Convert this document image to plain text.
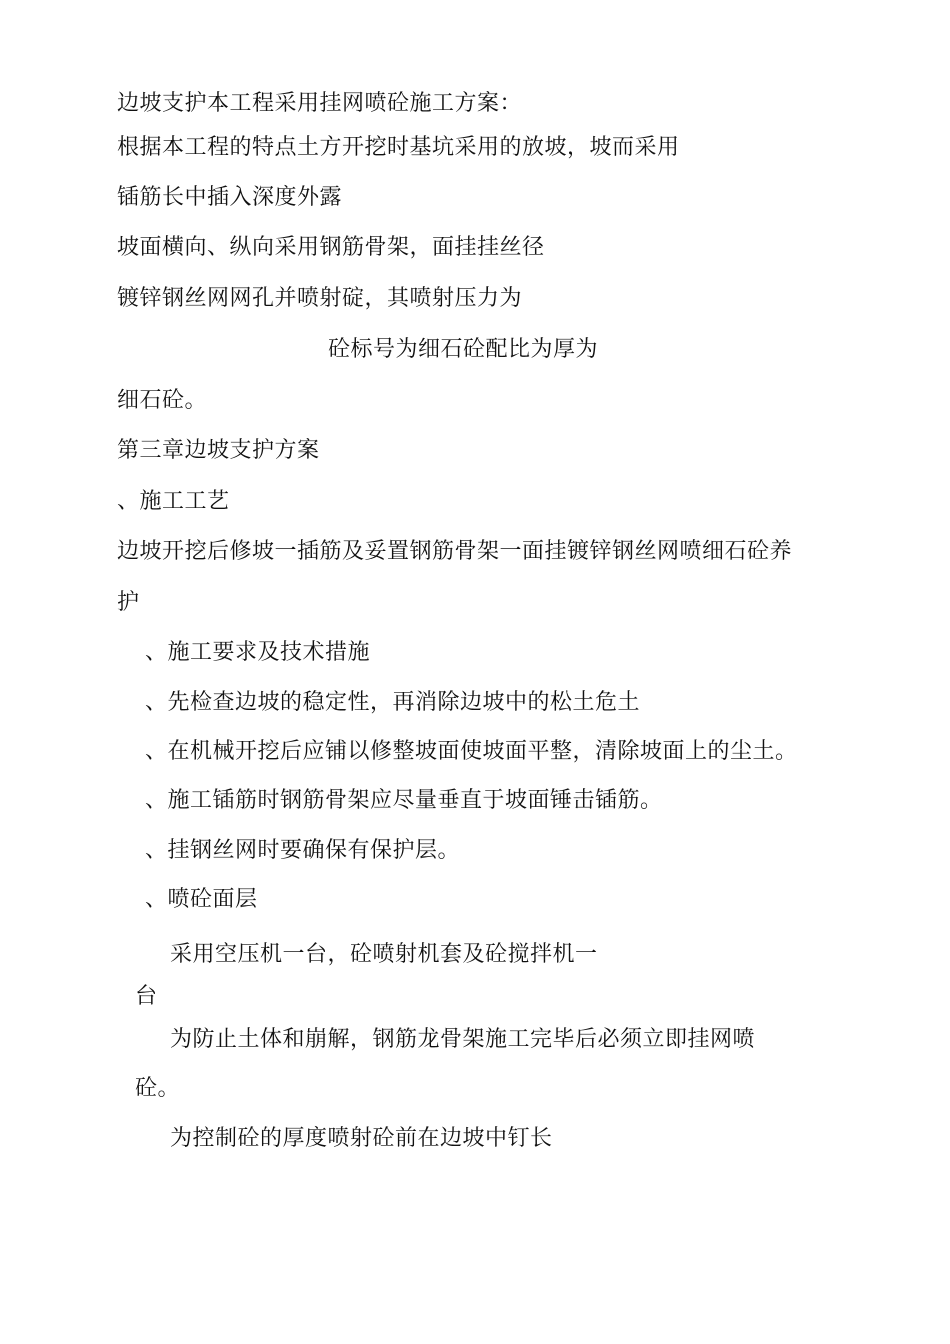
边坡支护本工程采用挂网喷砼施工方案：
根据本工程的特点土方开挖时基坑采用的放坡，坡而采用
锸筋长中插入深度外露
坡面横向、纵向采用钢筋骨架，面挂挂丝径
镀锌钢丝网网孔并喷射碇，其喷射压力为
砼标号为细石砼配比为厚为
细石砼。
第三章边坡支护方案
、施工工艺
边坡开挖后修坡一插筋及妥置钢筋骨架一面挂镀锌钢丝网喷细石砼养
护
、施工要求及技术措施
、先检查边坡的稳定性，再消除边坡中的松土危土
、在机械开挖后应铺以修整坡面使坡面平整，清除坡面上的尘土。
、施工锸筋时钢筋骨架应尽量垂直于坡面锤击锸筋。
、挂钢丝网时要确保有保护层。
、喷砼面层
采用空压机一台，砼喷射机套及砼搅拌机一
台
为防止土体和崩解，钢筋龙骨架施工完毕后必须立即挂网喷
砼。
为控制砼的厚度喷射砼前在边坡中钉长
